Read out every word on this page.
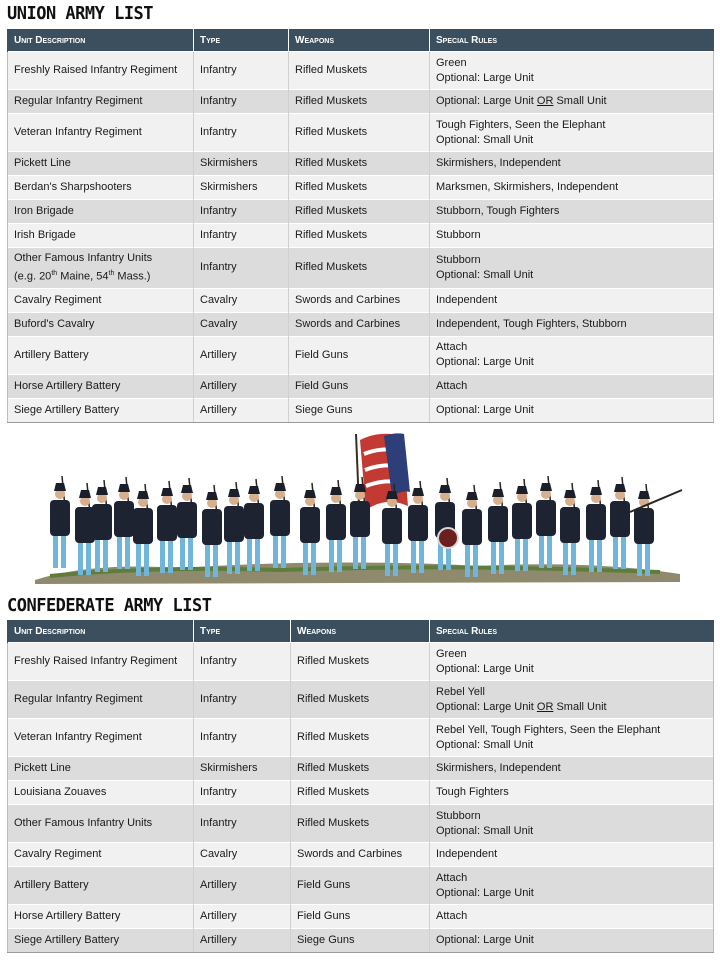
UNION ARMY LIST
Unit Description	Type	Weapons	Special Rules

Freshly Raised Infantry Regiment	Infantry	Rifled Muskets	Green
Optional: Large Unit

Regular Infantry Regiment	Infantry	Rifled Muskets	Optional: Large Unit OR Small Unit

Veteran Infantry Regiment	Infantry	Rifled Muskets	Tough Fighters, Seen the Elephant
Optional: Small Unit

Pickett Line	Skirmishers	Rifled Muskets	Skirmishers, Independent

Berdan's Sharpshooters	Skirmishers	Rifled Muskets	Marksmen, Skirmishers, Independent

Iron Brigade	Infantry	Rifled Muskets	Stubborn, Tough Fighters

Irish Brigade	Infantry	Rifled Muskets	Stubborn

Other Famous Infantry Units
(e.g. 20th Maine, 54th Mass.)	Infantry	Rifled Muskets	Stubborn
Optional: Small Unit

Cavalry Regiment	Cavalry	Swords and Carbines	Independent

Buford's Cavalry	Cavalry	Swords and Carbines	Independent, Tough Fighters, Stubborn

Artillery Battery	Artillery	Field Guns	Attach
Optional: Large Unit

Horse Artillery Battery	Artillery	Field Guns	Attach

Siege Artillery Battery	Artillery	Siege Guns	Optional: Large Unit
CONFEDERATE ARMY LIST
Unit Description	Type	Weapons	Special Rules

Freshly Raised Infantry Regiment	Infantry	Rifled Muskets	Green
Optional: Large Unit

Regular Infantry Regiment	Infantry	Rifled Muskets	Rebel Yell
Optional: Large Unit OR Small Unit

Veteran Infantry Regiment	Infantry	Rifled Muskets	Rebel Yell, Tough Fighters, Seen the Elephant
Optional: Small Unit

Pickett Line	Skirmishers	Rifled Muskets	Skirmishers, Independent

Louisiana Zouaves	Infantry	Rifled Muskets	Tough Fighters

Other Famous Infantry Units	Infantry	Rifled Muskets	Stubborn
Optional: Small Unit

Cavalry Regiment	Cavalry	Swords and Carbines	Independent

Artillery Battery	Artillery	Field Guns	Attach
Optional: Large Unit

Horse Artillery Battery	Artillery	Field Guns	Attach

Siege Artillery Battery	Artillery	Siege Guns	Optional: Large Unit
